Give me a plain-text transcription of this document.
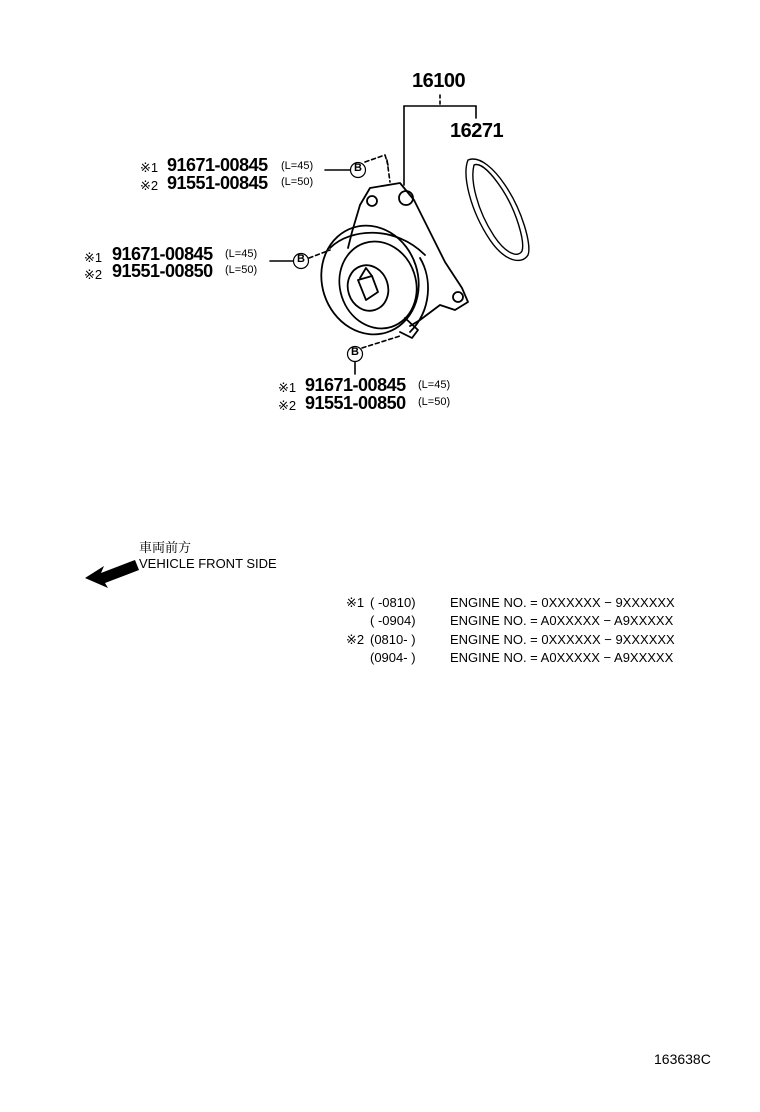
B
B
B
16100
16271
※1 91671-00845 (L=45)
※2 91551-00845 (L=50)
※1 91671-00845 (L=45)
※2 91551-00850 (L=50)
※1 91671-00845 (L=45)
※2 91551-00850 (L=50)
車両前方
VEHICLE FRONT SIDE
※1 ( -0810)	ENGINE NO. = 0XXXXXX − 9XXXXXX
( -0904)	ENGINE NO. = A0XXXXX − A9XXXXX
※2 (0810- )	ENGINE NO. = 0XXXXXX − 9XXXXXX
(0904- )	ENGINE NO. = A0XXXXX − A9XXXXX
163638C
